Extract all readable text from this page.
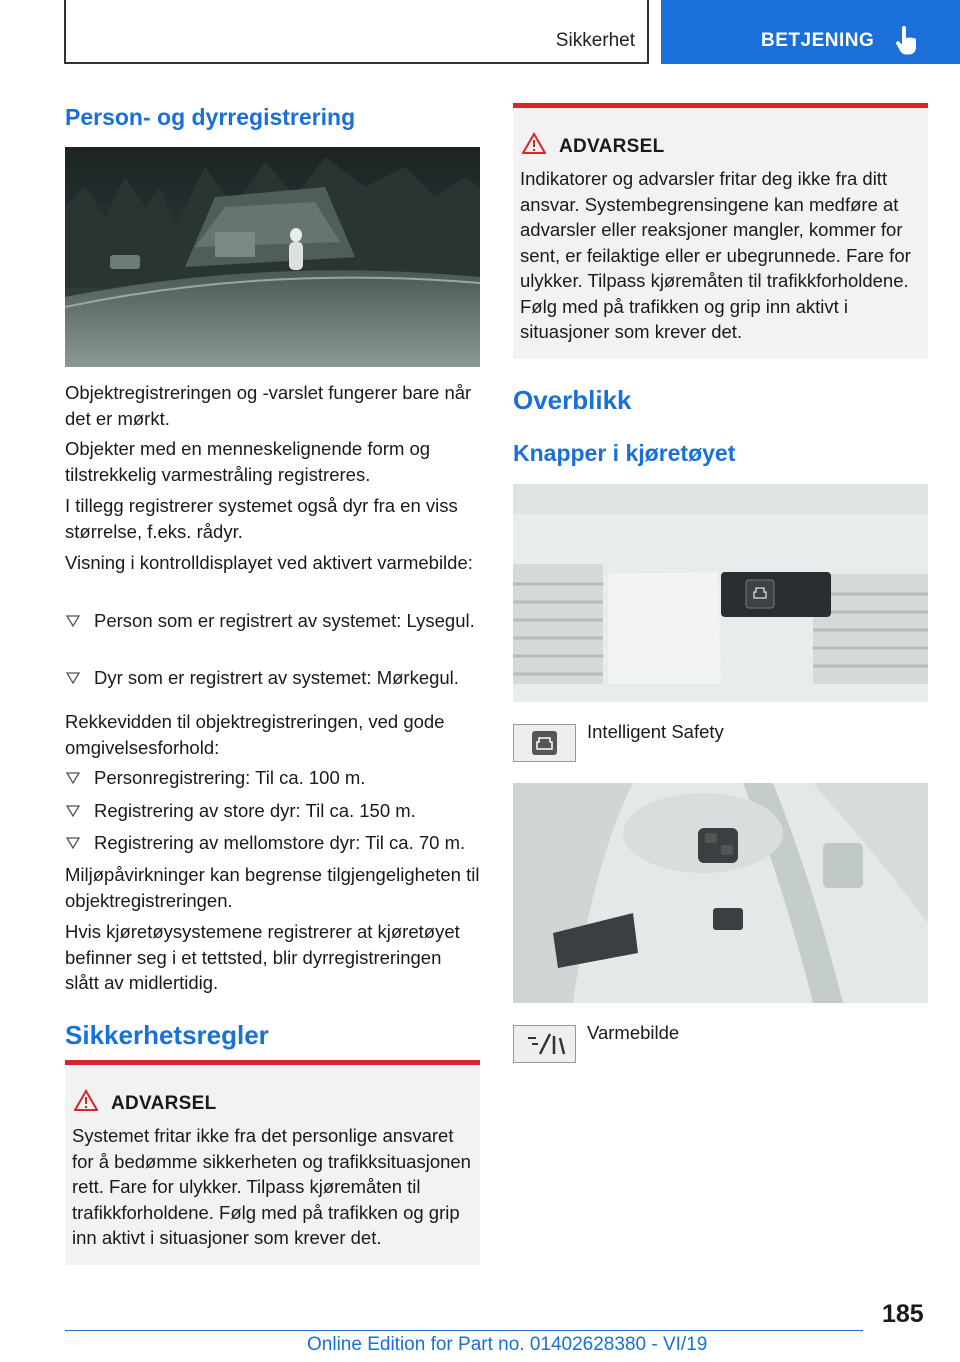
Sikkerhet	BETJENING
Person- og dyrregistrering
Objektregistreringen og -varslet fungerer bare når det er mørkt.
Objekter med en menneskelignende form og tilstrekkelig varmestråling registreres.
I tillegg registrerer systemet også dyr fra en viss størrelse, f.eks. rådyr.
Visning i kontrolldisplayet ved aktivert varmebilde:
Person som er registrert av systemet: Lysegul.
Dyr som er registrert av systemet: Mørkegul.
Rekkevidden til objektregistreringen, ved gode omgivelsesforhold:
Personregistrering: Til ca. 100 m.
Registrering av store dyr: Til ca. 150 m.
Registrering av mellomstore dyr: Til ca. 70 m.
Miljøpåvirkninger kan begrense tilgjengeligheten til objektregistreringen.
Hvis kjøretøysystemene registrerer at kjøretøyet befinner seg i et tettsted, blir dyrregistreringen slått av midlertidig.
Sikkerhetsregler
ADVARSEL
Systemet fritar ikke fra det personlige ansvaret for å bedømme sikkerheten og trafikksituasjonen rett. Fare for ulykker. Tilpass kjøremåten til trafikkforholdene. Følg med på trafikken og grip inn aktivt i situasjoner som krever det.
ADVARSEL
Indikatorer og advarsler fritar deg ikke fra ditt ansvar. Systembegrensingene kan medføre at advarsler eller reaksjoner mangler, kommer for sent, er feilaktige eller er ubegrunnede. Fare for ulykker. Tilpass kjøremåten til trafikkforholdene. Følg med på trafikken og grip inn aktivt i situasjoner som krever det.
Overblikk
Knapper i kjøretøyet
Intelligent Safety
Varmebilde
185
Online Edition for Part no. 01402628380 - VI/19
